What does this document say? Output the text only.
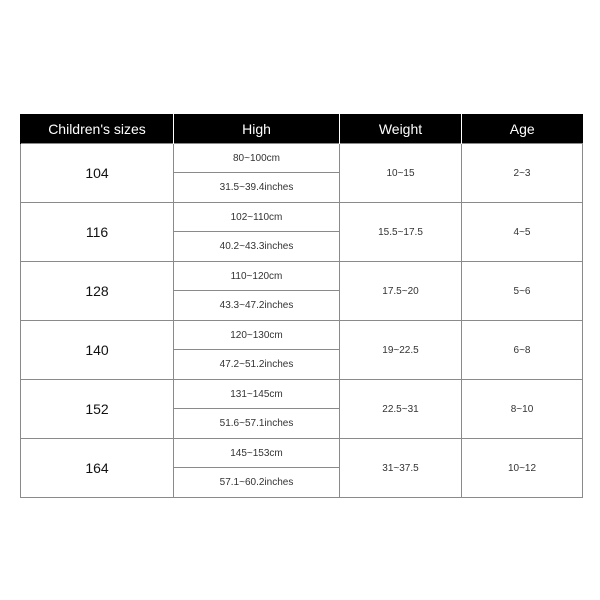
Children's sizes	High	Weight	Age
104	80~100cm	10~15	2~3
	31.5~39.4inches		
116	102~110cm	15.5~17.5	4~5
	40.2~43.3inches		
128	110~120cm	17.5~20	5~6
	43.3~47.2inches		
140	120~130cm	19~22.5	6~8
	47.2~51.2inches		
152	131~145cm	22.5~31	8~10
	51.6~57.1inches		
164	145~153cm	31~37.5	10~12
	57.1~60.2inches		
